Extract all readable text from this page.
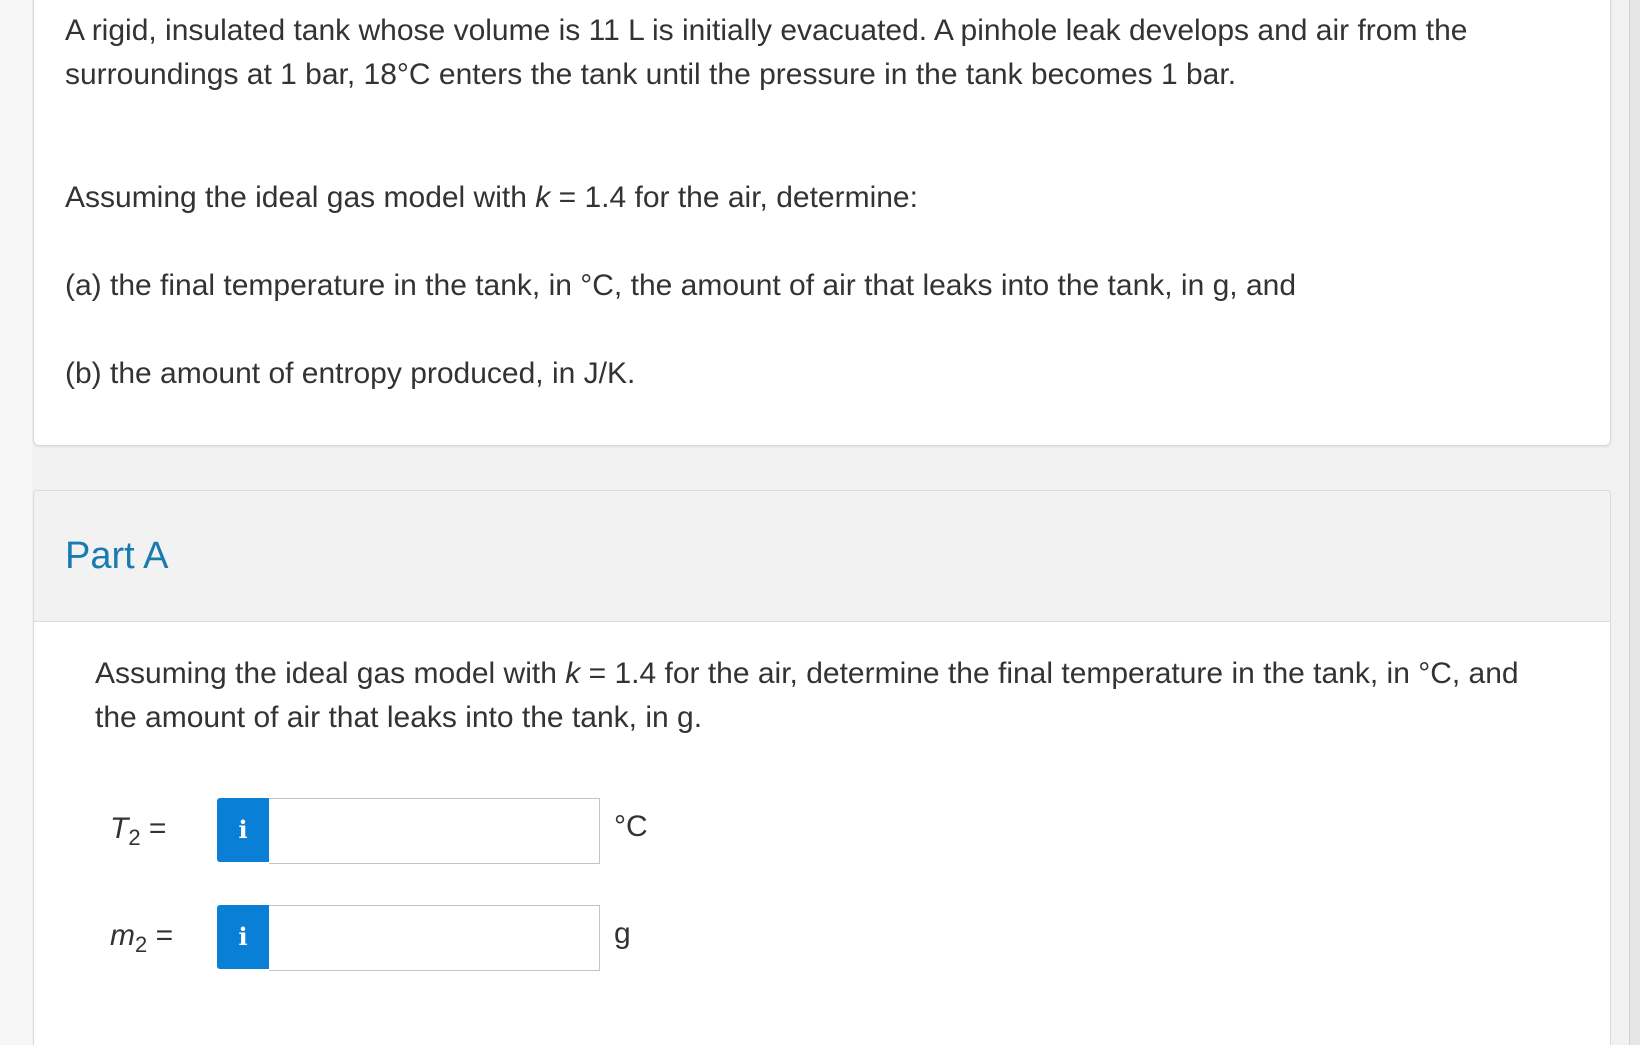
A rigid, insulated tank whose volume is 11 L is initially evacuated. A pinhole leak develops and air from the surroundings at 1 bar, 18°C enters the tank until the pressure in the tank becomes 1 bar.
Assuming the ideal gas model with k = 1.4 for the air, determine:
(a) the final temperature in the tank, in °C, the amount of air that leaks into the tank, in g, and
(b) the amount of entropy produced, in J/K.
Part A
Assuming the ideal gas model with k = 1.4 for the air, determine the final temperature in the tank, in °C, and the amount of air that leaks into the tank, in g.
$T_2$ =	i	°C
$m_2$ =	i	g
